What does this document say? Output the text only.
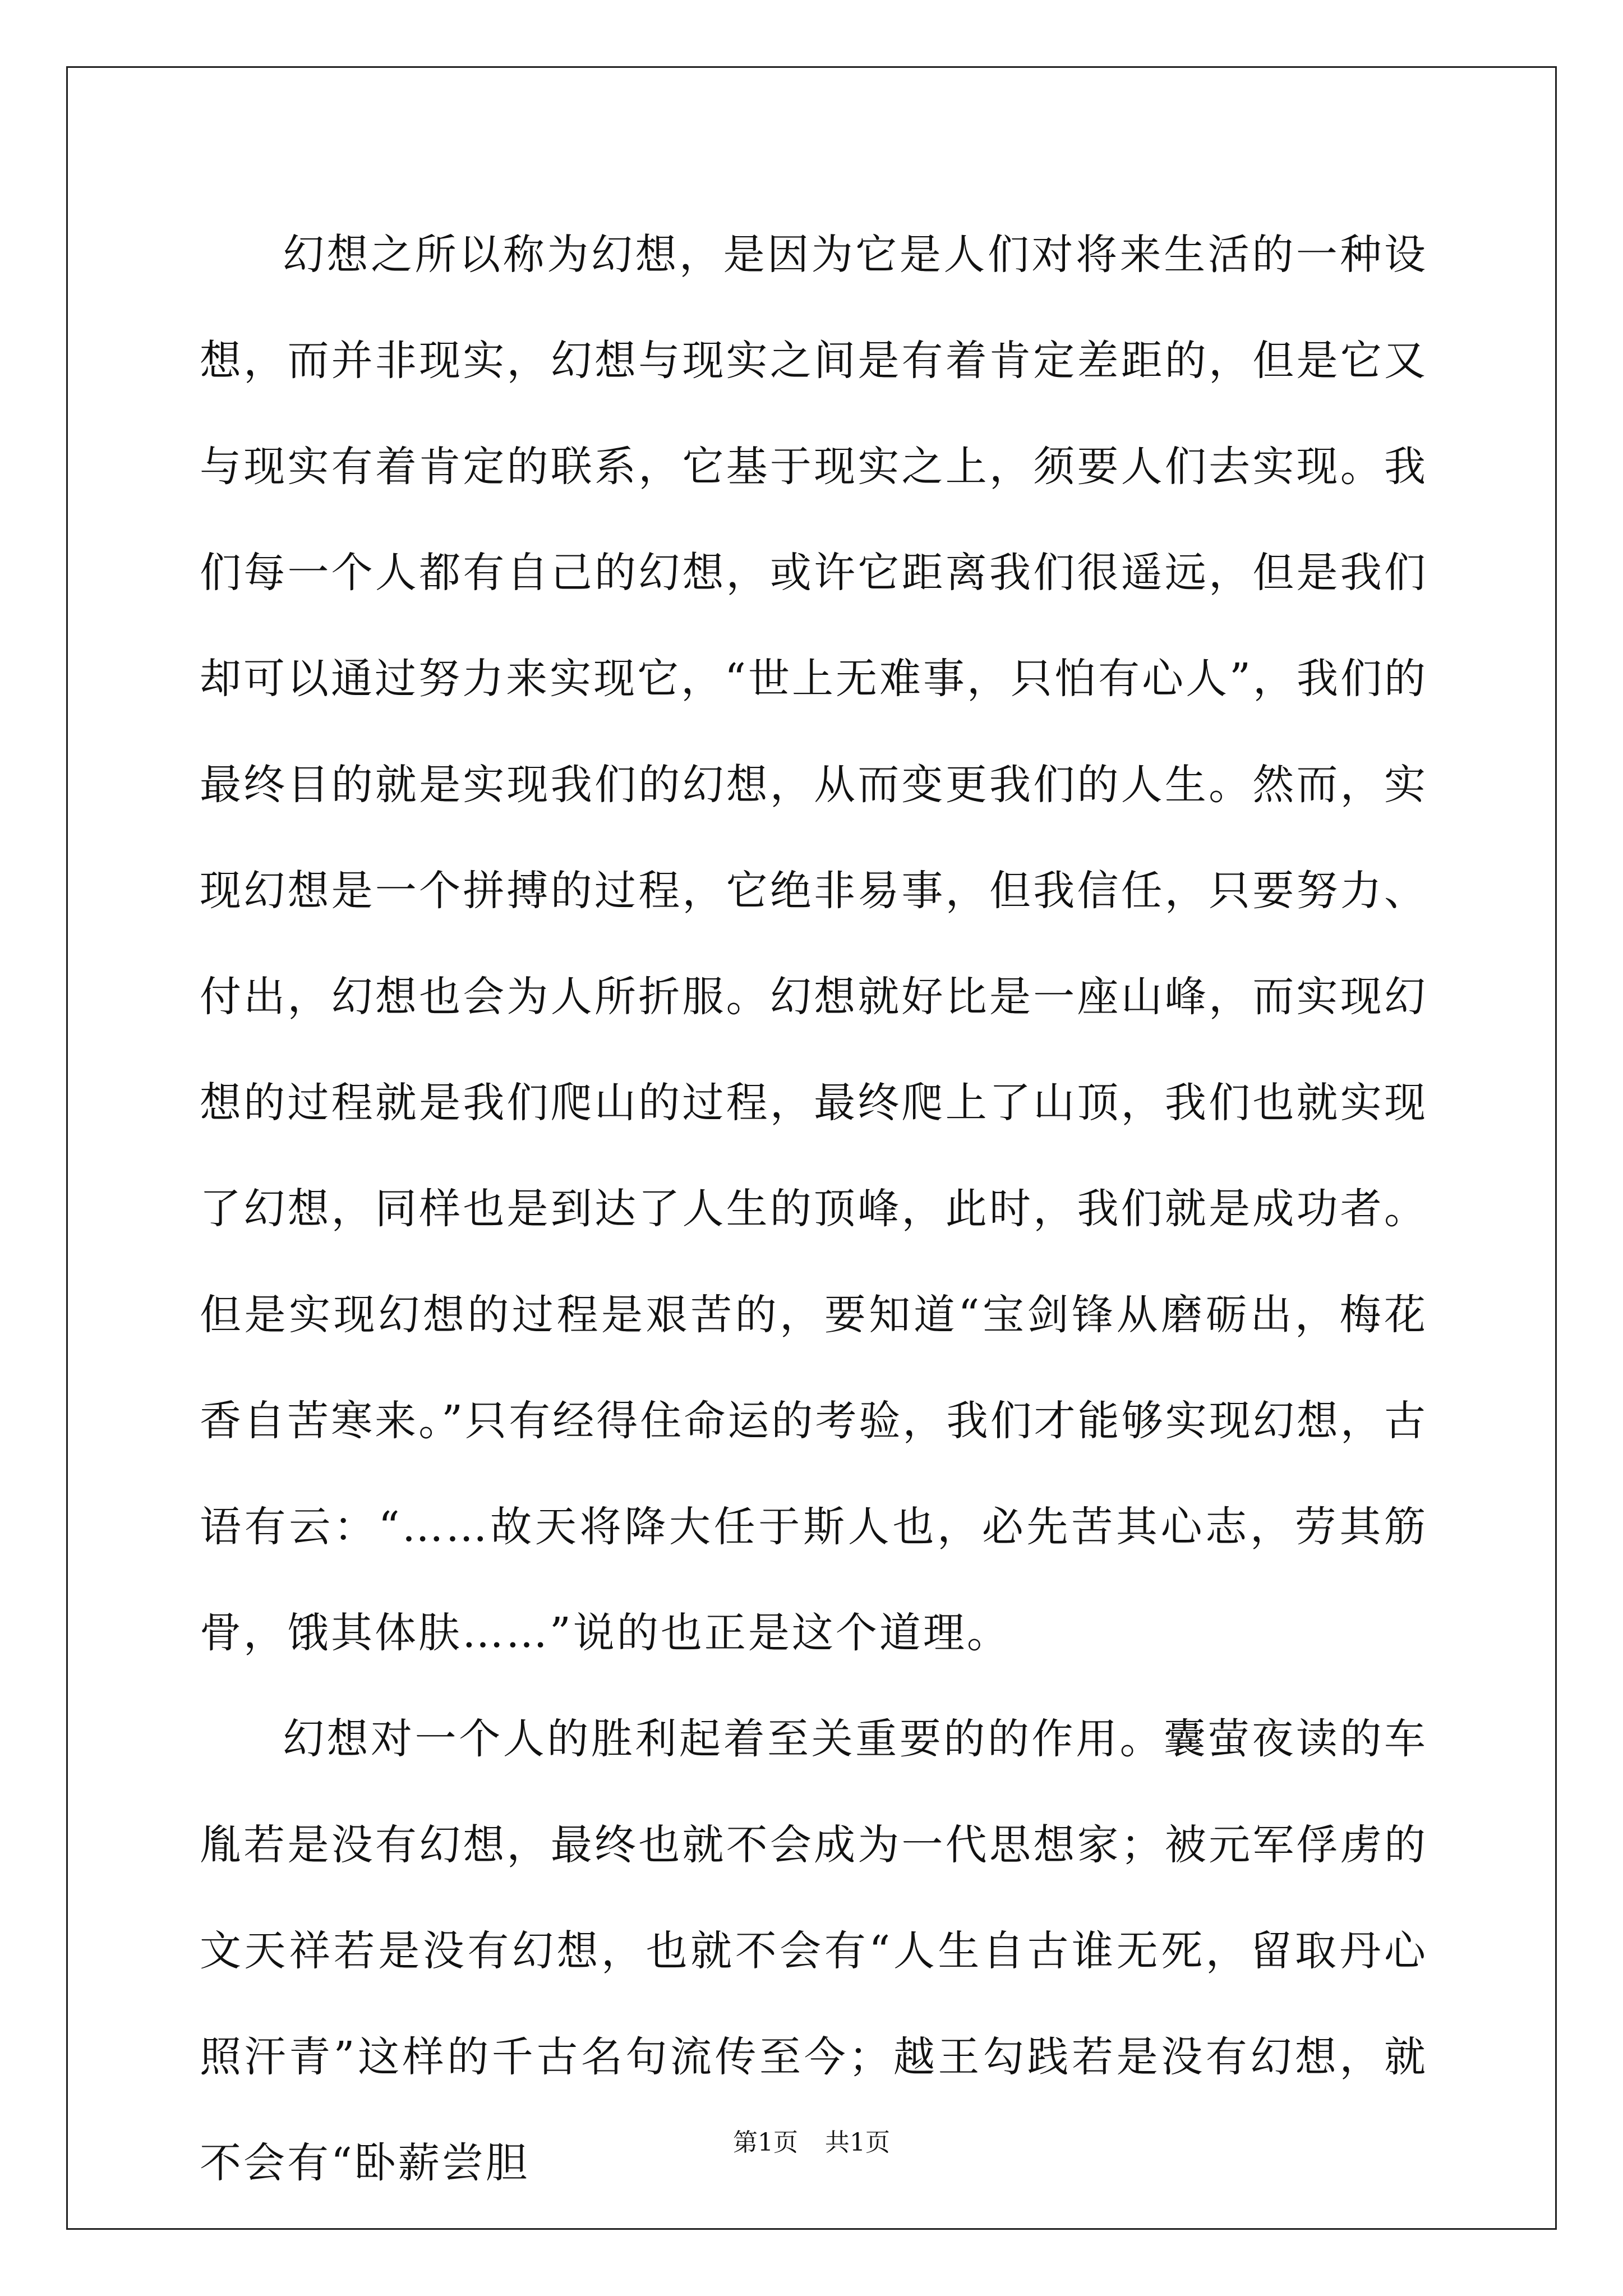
幻想之所以称为幻想，是因为它是人们对将来生活的一种设想，而并非现实，幻想与现实之间是有着肯定差距的，但是它又与现实有着肯定的联系，它基于现实之上，须要人们去实现。我们每一个人都有自己的幻想，或许它距离我们很遥远，但是我们却可以通过努力来实现它，“世上无难事，只怕有心人”，我们的最终目的就是实现我们的幻想，从而变更我们的人生。然而，实现幻想是一个拼搏的过程，它绝非易事，但我信任，只要努力、付出，幻想也会为人所折服。幻想就好比是一座山峰，而实现幻想的过程就是我们爬山的过程，最终爬上了山顶，我们也就实现了幻想，同样也是到达了人生的顶峰，此时，我们就是成功者。但是实现幻想的过程是艰苦的，要知道“宝剑锋从磨砺出，梅花香自苦寒来。”只有经得住命运的考验，我们才能够实现幻想，古语有云：“……故天将降大任于斯人也，必先苦其心志，劳其筋骨，饿其体肤……”说的也正是这个道理。

幻想对一个人的胜利起着至关重要的的作用。囊萤夜读的车胤若是没有幻想，最终也就不会成为一代思想家；被元军俘虏的文天祥若是没有幻想，也就不会有“人生自古谁无死，留取丹心照汗青”这样的千古名句流传至今；越王勾践若是没有幻想，就不会有“卧薪尝胆	第1页 共1页
